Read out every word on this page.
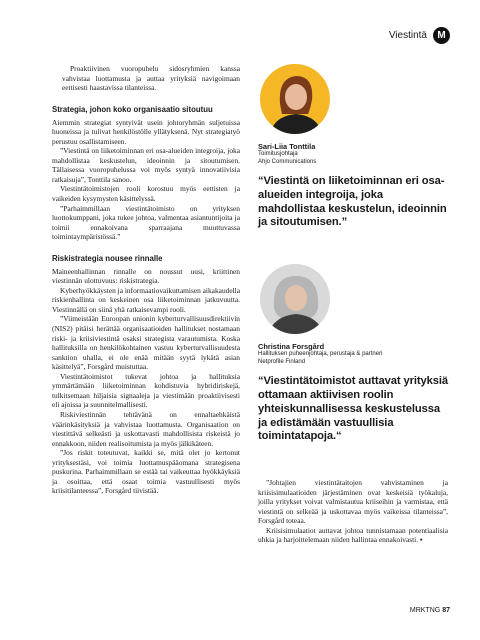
Viestintä	M

Proaktiivinen vuoropuhelu sidosryhmien kanssa vahvistaa luottamusta ja auttaa yrityksiä navigoimaan eettisesti haastavissa tilanteissa.

Strategia, johon koko organisaatio sitoutuu

Aiemmin strategiat syntyivät usein johtoryhmän suljetuissa huoneissa ja tulivat henkilöstölle yllätyksenä. Nyt strategiatyö perustuu osallistamiseen.

”Viestintä on liiketoiminnan eri osa-alueiden integroija, joka mahdollistaa keskustelun, ideoinnin ja sitoutumisen. Tällaisessa vuoropuhelussa voi myös syntyä innovatiivisia ratkaisuja”, Tonttila sanoo.

Viestintätoimistojen rooli korostuu myös eettisten ja vaikeiden kysymysten käsittelyssä.

”Parhaimmillaan viestintätoimisto on yrityksen luottokumppani, joka tukee johtoa, valmentaa asiantuntijoita ja toimii ennakoivana sparraajana muuttuvassa toimintaympäristössä.”

Riskistrategia nousee rinnalle

Maineenhallinnan rinnalle on noussut uusi, kriittinen viestinnän ulottuvuus: riskistrategia.

Kyberhyökkäysten ja informaatiovaikuttamisen aikakaudella riskienhallinta on keskeinen osa liiketoiminnan jatkuvuutta. Viestinnällä on siinä yhä ratkaisevampi rooli.

”Viimeistään Euroopan unionin kyberturvallisuusdirektiivin (NIS2) pitäisi herättää organisaatioiden hallitukset nostamaan riski- ja kriisiviestintä osaksi strategista varautumista. Koska hallituksilla on henkilökohtainen vastuu kyberturvallisuudesta sanktion uhalla, ei ole enää mitään syytä lykätä asian käsittelyä”, Forsgård muistuttaa.

Viestintätoimistot tukevat johtoa ja hallituksia ymmärtämään liiketoiminnan kohdistuvia hybridiriskejä, tulkitsemaan hiljaisia signaaleja ja viestimään proaktiivisesti eli ajoissa ja suunnitelmallisesti.

Riskiviestinnän tehtävänä on ennaltaehkäistä väärinkäsityksiä ja vahvistaa luottamusta. Organisaation on viestittävä selkeästi ja uskottavasti mahdollisista riskeistä jo ennakkoon, niiden realisoitumista ja myös jälkikäteen.

”Jos riskit toteutuvat, kaikki se, mitä olet jo kertonut yrityksestäsi, voi toimia luottamuspääomana strategisena puskurina. Parhaimmillaan se estää tai vaikeuttaa hyökkäyksiä ja osoittaa, että osaat toimia vastuullisesti myös kriisitilanteessa”, Forsgård tiivistää.

Sari-Liia Tonttila
Toimitusjohtaja
Ahjo Communications

“Viestintä on liiketoiminnan eri osa-alueiden integroija, joka mahdollistaa keskustelun, ideoinnin ja sitoutumisen.”

Christina Forsgård
Hallituksen puheenjohtaja, perustaja & partneri
Netprofile Finland

“Viestintätoimistot auttavat yrityksiä ottamaan aktiivisen roolin yhteiskunnallisessa keskustelussa ja edistämään vastuullisia toimintatapoja.“

”Johtajien viestintätaitojen vahvistaminen ja kriisisimulaatioiden järjestäminen ovat keskeisiä työkaluja, joilla yritykset voivat valmistautua kriiseihin ja varmistaa, että viestintä on selkeää ja uskottavaa myös vaikeissa tilanteissa”, Forsgård toteaa.

Kriisisimulaatiot auttavat johtoa tunnistamaan potentiaalisia uhkia ja harjoittelemaan niiden hallintaa ennakoivasti. ▪

MRKTNG 87
